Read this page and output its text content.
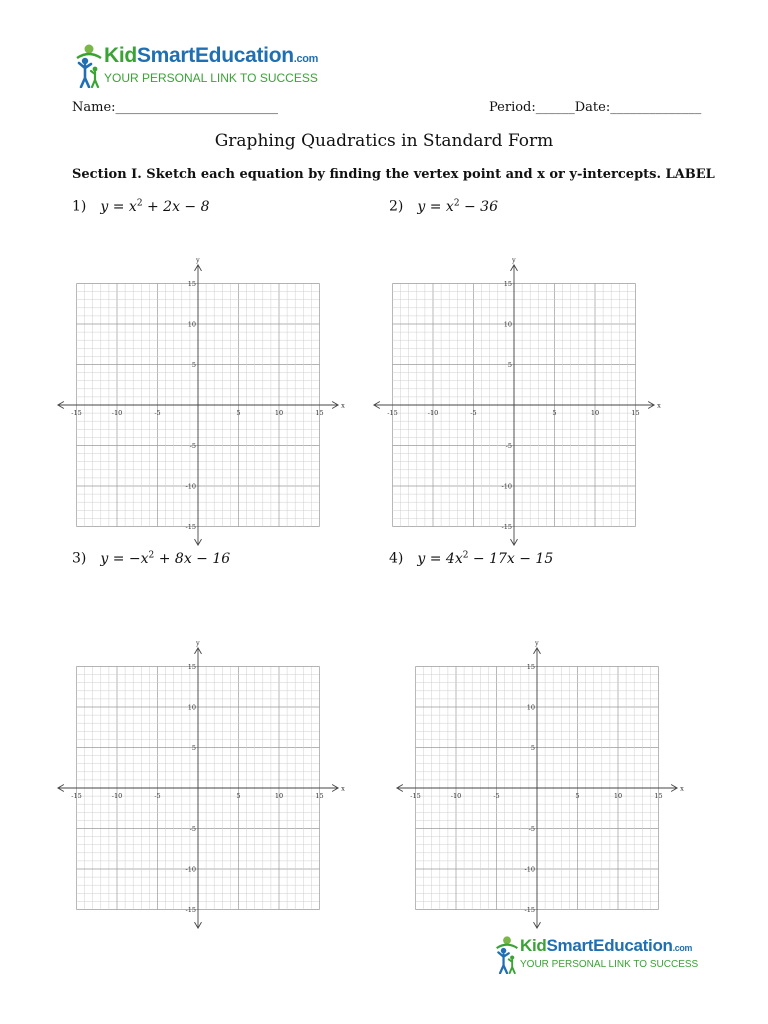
KidSmartEducation.com
YOUR PERSONAL LINK TO SUCCESS
Name:_________________________	Period:______Date:______________
Graphing Quadratics in Standard Form
Section I. Sketch each equation by finding the vertex point and x or y-intercepts. LABEL
1) $y = x^2 + 2x - 8$	2) $y = x^2 - 36$
3) $y = -x^2 + 8x - 16$	4) $y = 4x^2 - 17x - 15$
x
y
-15	-10	-5	5	10	15
15
10
5
-5
-10
-15
x
y
-15	-10	-5	5	10	15
15
10
5
-5
-10
-15
x
y
-15	-10	-5	5	10	15
15
10
5
-5
-10
-15
x
y
-15	-10	-5	5	10	15
15
10
5
-5
-10
-15
KidSmartEducation.com
YOUR PERSONAL LINK TO SUCCESS
